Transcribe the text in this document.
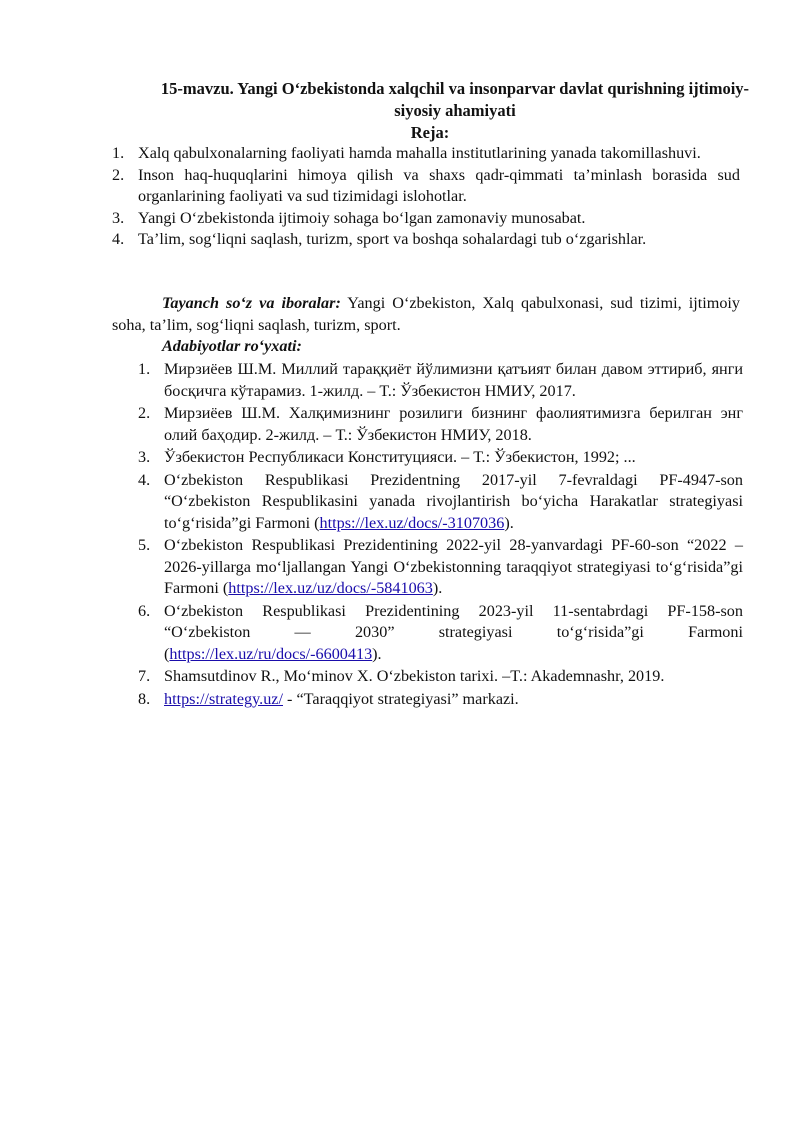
15-mavzu. Yangi O‘zbekistonda xalqchil va insonparvar davlat qurishning ijtimoiy-siyosiy ahamiyati
Reja:
1. Xalq qabulxonalarning faoliyati hamda mahalla institutlarining yanada takomillashuvi.
2. Inson haq-huquqlarini himoya qilish va shaxs qadr-qimmati ta’minlash borasida sud organlarining faoliyati va sud tizimidagi islohotlar.
3. Yangi O‘zbekistonda ijtimoiy sohaga bo‘lgan zamonaviy munosabat.
4. Ta’lim, sog‘liqni saqlash, turizm, sport va boshqa sohalardagi tub o‘zgarishlar.
Tayanch so‘z va iboralar: Yangi O‘zbekiston, Xalq qabulxonasi, sud tizimi, ijtimoiy soha, ta’lim, sog‘liqni saqlash, turizm, sport.
Adabiyotlar ro‘yxati:
1. Мирзиёев Ш.М. Миллий тараққиёт йўлимизни қатъият билан давом эттириб, янги босқичга кўтарамиз. 1-жилд. – Т.: Ўзбекистон НМИУ, 2017.
2. Мирзиёев Ш.М. Халқимизнинг розилиги бизнинг фаолиятимизга берилган энг олий баҳодир. 2-жилд. – Т.: Ўзбекистон НМИУ, 2018.
3. Ўзбекистон Республикаси Конституцияси. – Т.: Ўзбекистон, 1992; ...
4. O‘zbekiston Respublikasi Prezidentning 2017-yil 7-fevraldagi PF-4947-son “O‘zbekiston Respublikasini yanada rivojlantirish bo‘yicha Harakatlar strategiyasi to‘g‘risida”gi Farmoni (https://lex.uz/docs/-3107036).
5. O‘zbekiston Respublikasi Prezidentining 2022-yil 28-yanvardagi PF-60-son “2022 – 2026-yillarga mo‘ljallangan Yangi O‘zbekistonning taraqqiyot strategiyasi to‘g‘risida”gi Farmoni (https://lex.uz/uz/docs/-5841063).
6. O‘zbekiston Respublikasi Prezidentining 2023-yil 11-sentabrdagi PF-158-son “O‘zbekiston — 2030” strategiyasi to‘g‘risida”gi Farmoni (https://lex.uz/ru/docs/-6600413).
7. Shamsutdinov R., Mo‘minov X. O‘zbekiston tarixi. –T.: Akademnashr, 2019.
8. https://strategy.uz/ - “Taraqqiyot strategiyasi” markazi.
